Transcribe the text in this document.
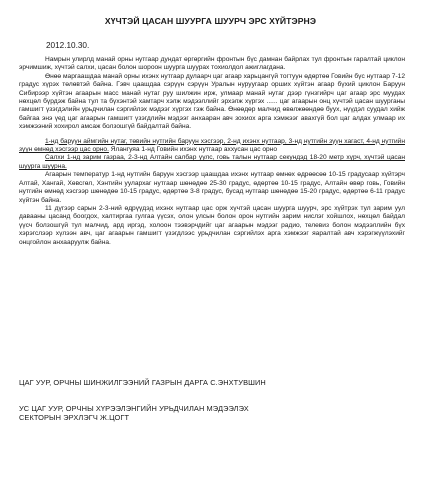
ХҮЧТЭЙ ЦАСАН ШУУРГА ШУУРЧ ЭРС ХҮЙТЭРНЭ
2012.10.30.

Намрын улирлд манай орны нутгаар дундат өргөргийн фронтын бүс дамнан байрлах тул фронтын гаралтай циклон эрчимшиж, хүчтэй салхи, цасан болон шороон шуурга шуурах тохиолдол ажиглагдана.

Өнөө маргаашдаа манай орны ихэнх нутгаар дулаарч цаг агаар харьцангүй тогтуун өдөртөө Говийн бүс нутгаар 7-12 градус хүрэх төлөвтэй байна. Гэвч цаашдаа сэрүүн сэрүүн Уралын нуруугаар орших хүйтэн агаар бүхий циклон Баруун Сибирээр хүйтэн агаарын масс манай нутаг руу шилжин ирж, улмаар манай нутаг дээр гүнзгийрч цаг агаар эрс муудах нөхцөл бүрдэж байна тул та бүхэнтэй хамтарч хэлж мэдээллийг эрхэлж хүргэх ...... цаг агаарын онц хүчтэй цасан шуурганы гамшигт үзэгдэлийн урьдчилан сэргийлэх мэдээг хүргэх гэж байна. Өнөөдөр малчид өвөлжөөндөө буух, нүүдэл суудал хийж байгаа энэ үед цаг агаарын гамшигт үзэгдлийн мэдээг анхааран авч зохиох арга хэмжээг авахгүй бол цаг алдах улмаар их хэмжээний хохирол амсаж болзошгүй байдалтай байна.

1-нд баруун аймгийн нутаг, төвийн нутгийн баруун хэсгээр, 2-нд ихэнх нутгаар, 3-нд нутгийн зүүн хагаст, 4-нд нутгийн зүүн өмнөд хэсгээр цас орно. Ялангуяа 1-нд Говийн ихэнх нутгаар аххусан цас орно

Салхи 1-нд зарим газраа, 2-3-нд Алтайн салбар уулс, говь талын нутгаар секундэд 18-20 метр хүрч, хүчтэй цасан шуурга шуурна.

Агаарын температур 1-нд нутгийн баруун хэсгээр цаашдаа ихэнх нутгаар өмнөх өдрөөсөө 10-15 градусаар хүйтэрч Алтай, Хангай, Хөвсгөл, Хэнтийн уулархаг нутгаар шөнөдөө 25-30 градус, өдөртөө 10-15 градус, Алтайн өвөр говь, Говийн нутгийн өмнөд хэсгээр шөнөдөө 10-15 градус, өдөртөө 3-8 градус, бусад нутгаар шөнөдөө 15-20 градус, өдөртөө 6-11 градус хүйтэн байна.

11 дүгээр сарын 2-3-ний өдрүүдэд ихэнх нутгаар цас орж хүчтэй цасан шуурга шуурч, эрс хүйтрэх тул зарим уул давааны цасанд боогдох, халтиргаа гулгаа үүсэх, олон улсын болон орон нутгийн зарим нислэг хойшлох, нөхцөл байдал үүсч болзошгүй тул малчид, ард иргэд, холоон тээвэрчдийг цаг агаарын мэдээг радио, телевиз болон мэдээллийн бүх хэрэгслээр хүлээн авч, цаг агаарын гамшигт үзэгдлээс урьдчилан сэргийлэх арга хэмжээг яаралтай авч хэрэгжүүлэхийг онцгойлон анхааруулж байна.

ЦАГ УУР, ОРЧНЫ ШИНЖИЛГЭЭНИЙ ГАЗРЫН ДАРГА С.ЭНХТУВШИН
УС ЦАГ УУР, ОРЧНЫ ХҮРЭЭЛЭНГИЙН УРЬДЧИЛАН МЭДЭЭЛЭХ
СЕКТОРЫН ЭРХЛЭГЧ Ж.ЦОГТ
